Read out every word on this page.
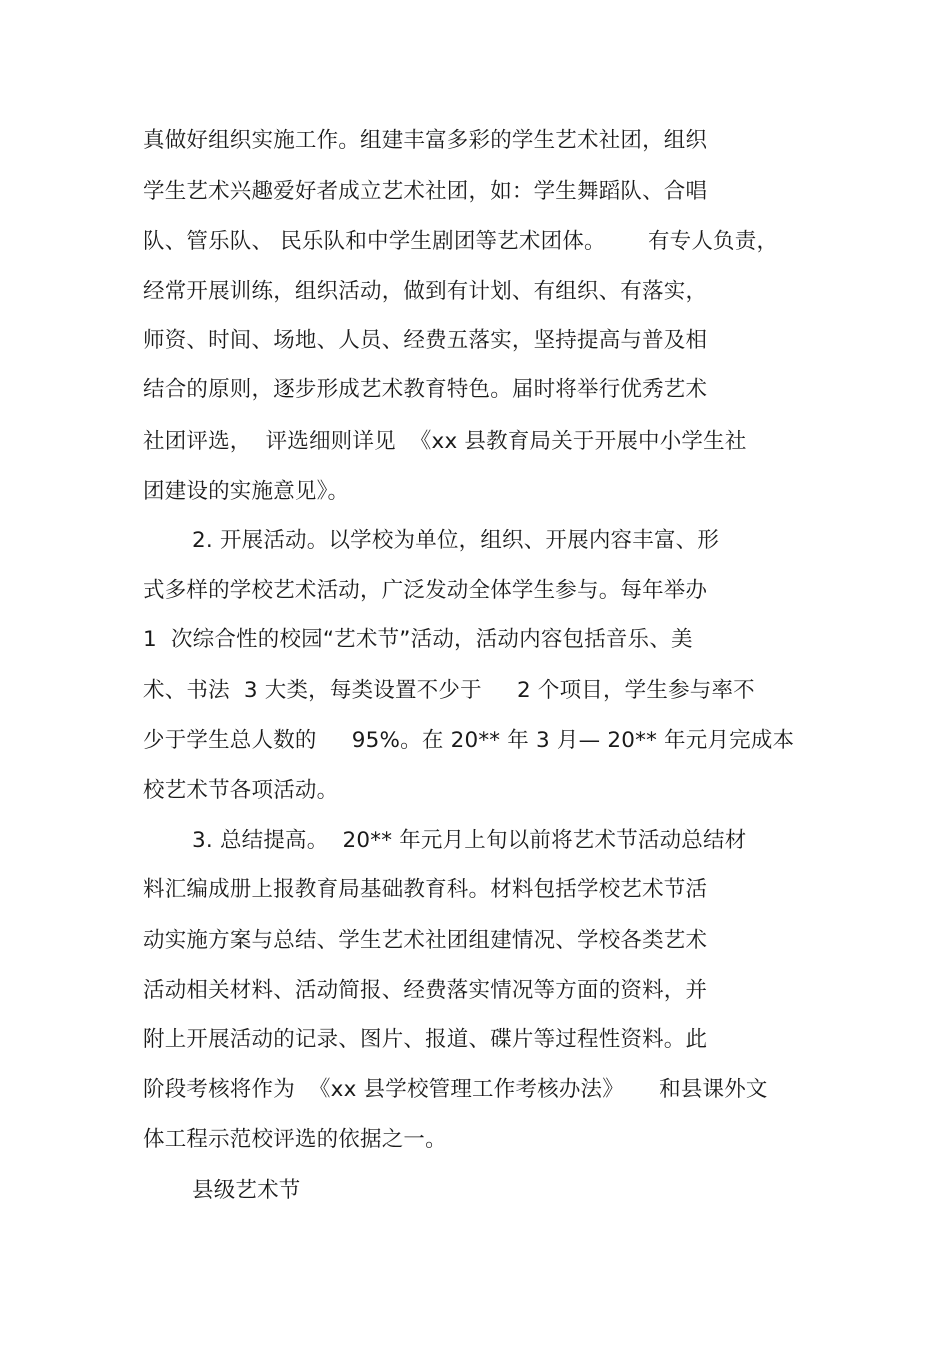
真做好组织实施工作。组建丰富多彩的学生艺术社团，组织
学生艺术兴趣爱好者成立艺术社团，如：学生舞蹈队、合唱
队、管乐队、 民乐队和中学生剧团等艺术团体。      有专人负责，
经常开展训练，组织活动，做到有计划、有组织、有落实，
师资、时间、场地、人员、经费五落实，坚持提高与普及相
结合的原则，逐步形成艺术教育特色。届时将举行优秀艺术
社团评选，  评选细则详见  《xx 县教育局关于开展中小学生社
团建设的实施意见》。
2. 开展活动。以学校为单位，组织、开展内容丰富、形
式多样的学校艺术活动，广泛发动全体学生参与。每年举办
1  次综合性的校园“艺术节”活动，活动内容包括音乐、美
术、书法  3 大类，每类设置不少于     2 个项目，学生参与率不
少于学生总人数的     95%。在 20** 年 3 月— 20** 年元月完成本
校艺术节各项活动。
3. 总结提高。  20** 年元月上旬以前将艺术节活动总结材
料汇编成册上报教育局基础教育科。材料包括学校艺术节活
动实施方案与总结、学生艺术社团组建情况、学校各类艺术
活动相关材料、活动简报、经费落实情况等方面的资料，并
附上开展活动的记录、图片、报道、碟片等过程性资料。此
阶段考核将作为  《xx 县学校管理工作考核办法》     和县课外文
体工程示范校评选的依据之一。
县级艺术节
